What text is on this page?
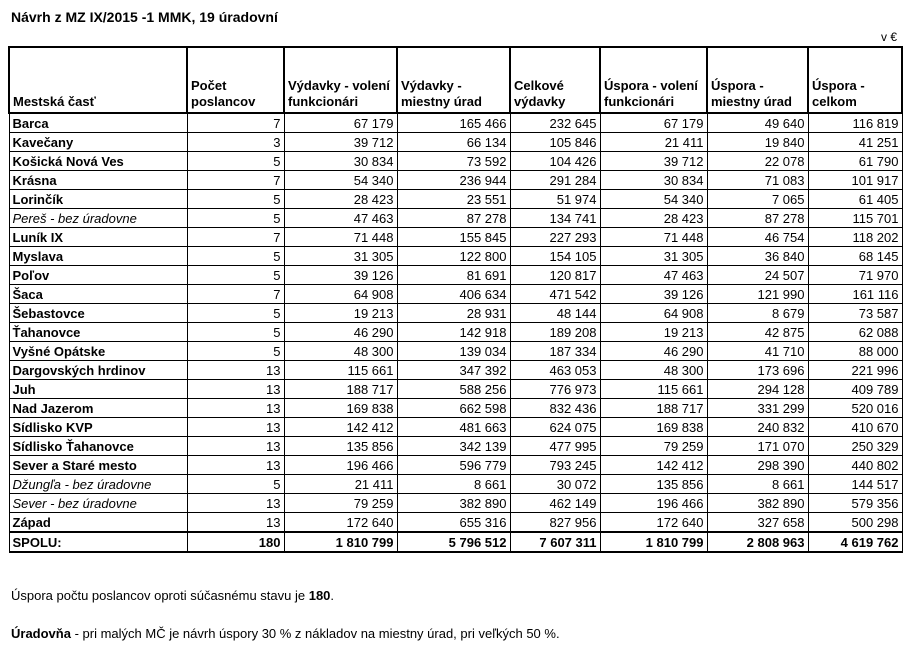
Návrh z MZ IX/2015 -1 MMK, 19 úradovní
v €
Mestská časť	Počet poslancov	Výdavky - volení funkcionári	Výdavky - miestny úrad	Celkové výdavky	Úspora - volení funkcionári	Úspora - miestny úrad	Úspora - celkom
Barca	7	67 179	165 466	232 645	67 179	49 640	116 819
Kavečany	3	39 712	66 134	105 846	21 411	19 840	41 251
Košická Nová Ves	5	30 834	73 592	104 426	39 712	22 078	61 790
Krásna	7	54 340	236 944	291 284	30 834	71 083	101 917
Lorinčík	5	28 423	23 551	51 974	54 340	7 065	61 405
Pereš - bez úradovne	5	47 463	87 278	134 741	28 423	87 278	115 701
Luník IX	7	71 448	155 845	227 293	71 448	46 754	118 202
Myslava	5	31 305	122 800	154 105	31 305	36 840	68 145
Poľov	5	39 126	81 691	120 817	47 463	24 507	71 970
Šaca	7	64 908	406 634	471 542	39 126	121 990	161 116
Šebastovce	5	19 213	28 931	48 144	64 908	8 679	73 587
Ťahanovce	5	46 290	142 918	189 208	19 213	42 875	62 088
Vyšné Opátske	5	48 300	139 034	187 334	46 290	41 710	88 000
Dargovských hrdinov	13	115 661	347 392	463 053	48 300	173 696	221 996
Juh	13	188 717	588 256	776 973	115 661	294 128	409 789
Nad Jazerom	13	169 838	662 598	832 436	188 717	331 299	520 016
Sídlisko KVP	13	142 412	481 663	624 075	169 838	240 832	410 670
Sídlisko Ťahanovce	13	135 856	342 139	477 995	79 259	171 070	250 329
Sever a Staré mesto	13	196 466	596 779	793 245	142 412	298 390	440 802
Džungľa - bez úradovne	5	21 411	8 661	30 072	135 856	8 661	144 517
Sever - bez úradovne	13	79 259	382 890	462 149	196 466	382 890	579 356
Západ	13	172 640	655 316	827 956	172 640	327 658	500 298
SPOLU:	180	1 810 799	5 796 512	7 607 311	1 810 799	2 808 963	4 619 762
Úspora počtu poslancov oproti súčasnému stavu je 180.
Úradovňa - pri malých MČ je návrh úspory 30 % z nákladov na miestny úrad, pri veľkých 50 %.
